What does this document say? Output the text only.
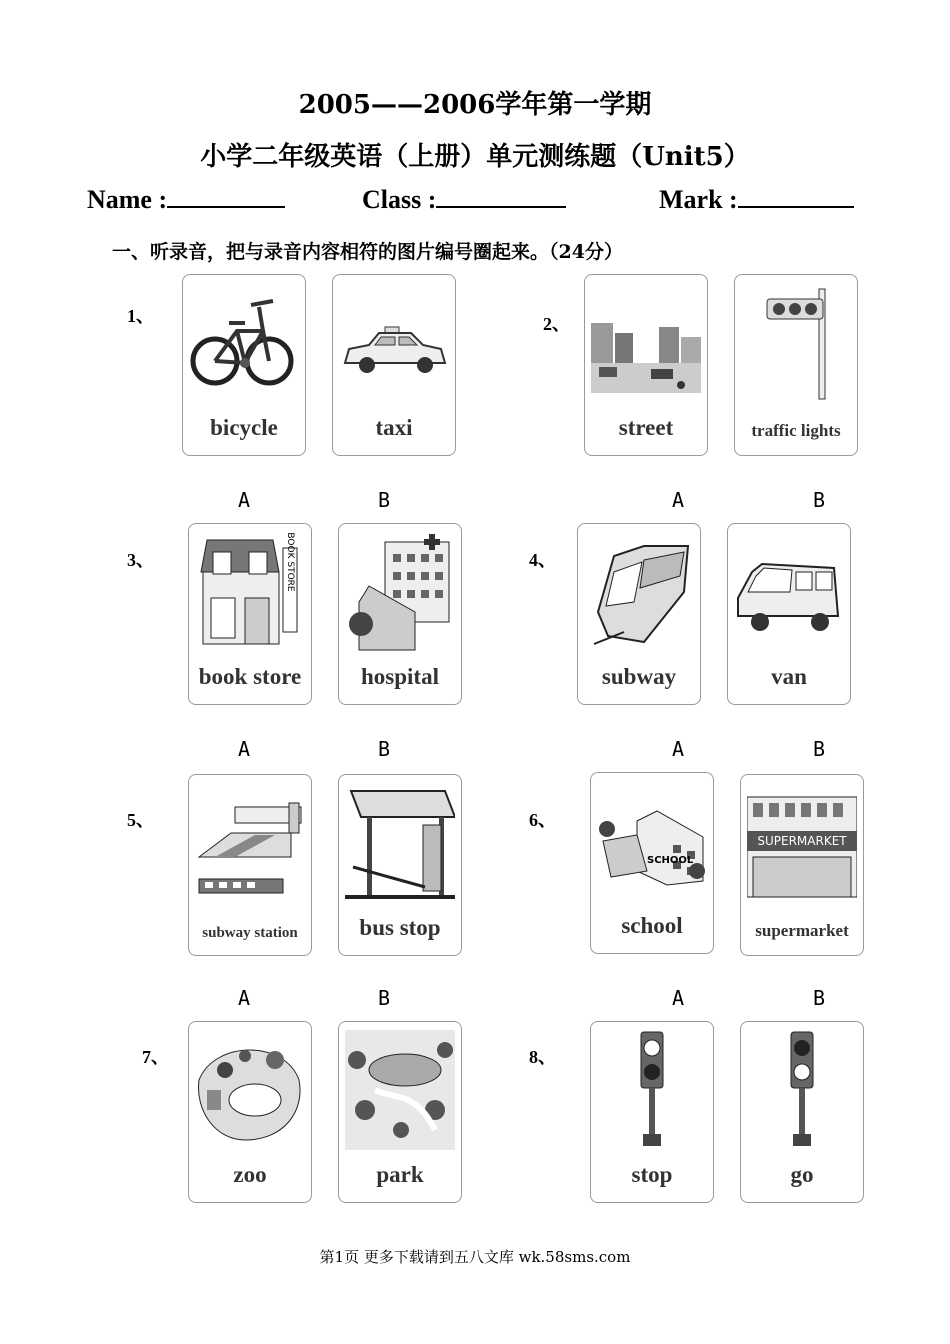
2005——2006学年第一学期
小学二年级英语（上册）单元测练题（Unit5）
Name :	Class :	Mark :
一、听录音，把与录音内容相符的图片编号圈起来。（24分）
1、
bicycle	taxi
A	B
2、
street	traffic lights
A	B
3、	BOOK STORE
book store	hospital
A	B
4、
subway	van
A	B
5、
subway station	bus stop
A	B
6、
SCHOOL
school
SUPERMARKET
supermarket
A	B
7、
zoo	park
8、
stop	go
第1页 更多下载请到五八文库 wk.58sms.com
